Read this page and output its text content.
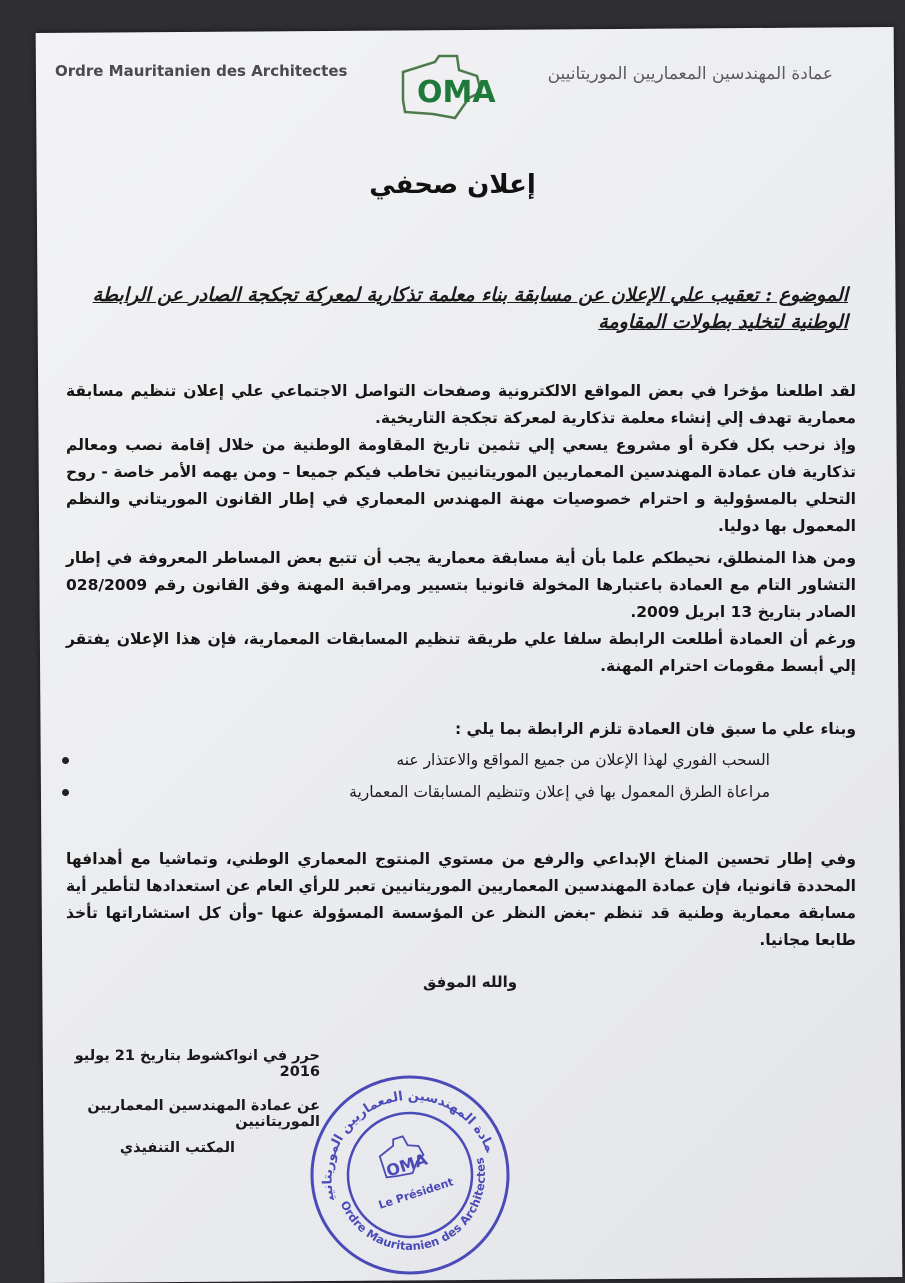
Ordre Mauritanien des Architectes
OMA
عمادة المهندسين المعماريين الموريتانيين
إعلان صحفي
الموضوع : تعقيب علي الإعلان عن مسابقة بناء معلمة تذكارية لمعركة تجكجة الصادر عن الرابطة الوطنية لتخليد بطولات المقاومة

لقد اطلعنا مؤخرا في بعض المواقع الالكترونية وصفحات التواصل الاجتماعي علي إعلان تنظيم مسابقة معمارية تهدف إلي إنشاء معلمة تذكارية لمعركة تجكجة التاريخية.

وإذ نرحب بكل فكرة أو مشروع يسعي إلي تثمين تاريخ المقاومة الوطنية من خلال إقامة نصب ومعالم تذكارية فان عمادة المهندسين المعماريين الموريتانيين تخاطب فيكم جميعا – ومن يهمه الأمر خاصة - روح التحلي بالمسؤولية و احترام خصوصيات مهنة المهندس المعماري في إطار القانون الموريتاني والنظم المعمول بها دوليا.

ومن هذا المنطلق، نحيطكم علما بأن أية مسابقة معمارية يجب أن تتبع بعض المساطر المعروفة في إطار التشاور التام مع العمادة باعتبارها المخولة قانونيا بتسيير ومراقبة المهنة وفق القانون رقم 028/2009 الصادر بتاريخ 13 ابريل 2009.

ورغم أن العمادة أطلعت الرابطة سلفا علي طريقة تنظيم المسابقات المعمارية، فإن هذا الإعلان يفتقر إلي أبسط مقومات احترام المهنة.

وبناء علي ما سبق فان العمادة تلزم الرابطة بما يلي :

السحب الفوري لهذا الإعلان من جميع المواقع والاعتذار عنه
مراعاة الطرق المعمول بها في إعلان وتنظيم المسابقات المعمارية

وفي إطار تحسين المناخ الإبداعي والرفع من مستوي المنتوج المعماري الوطني، وتماشيا مع أهدافها المحددة قانونيا، فإن عمادة المهندسين المعماريين الموريتانيين تعبر للرأي العام عن استعدادها لتأطير أية مسابقة معمارية وطنية قد تنظم -بغض النظر عن المؤسسة المسؤولة عنها -وأن كل استشاراتها تأخذ طابعا مجانيا.

والله الموفق
حرر في انواكشوط بتاريخ 21 يوليو 2016
عن عمادة المهندسين المعماريين الموريتانيين
المكتب التنفيذي
عمادة المهندسين المعماريين الموريتانيين
Ordre Mauritanien des Architectes
OMA
Le Président
